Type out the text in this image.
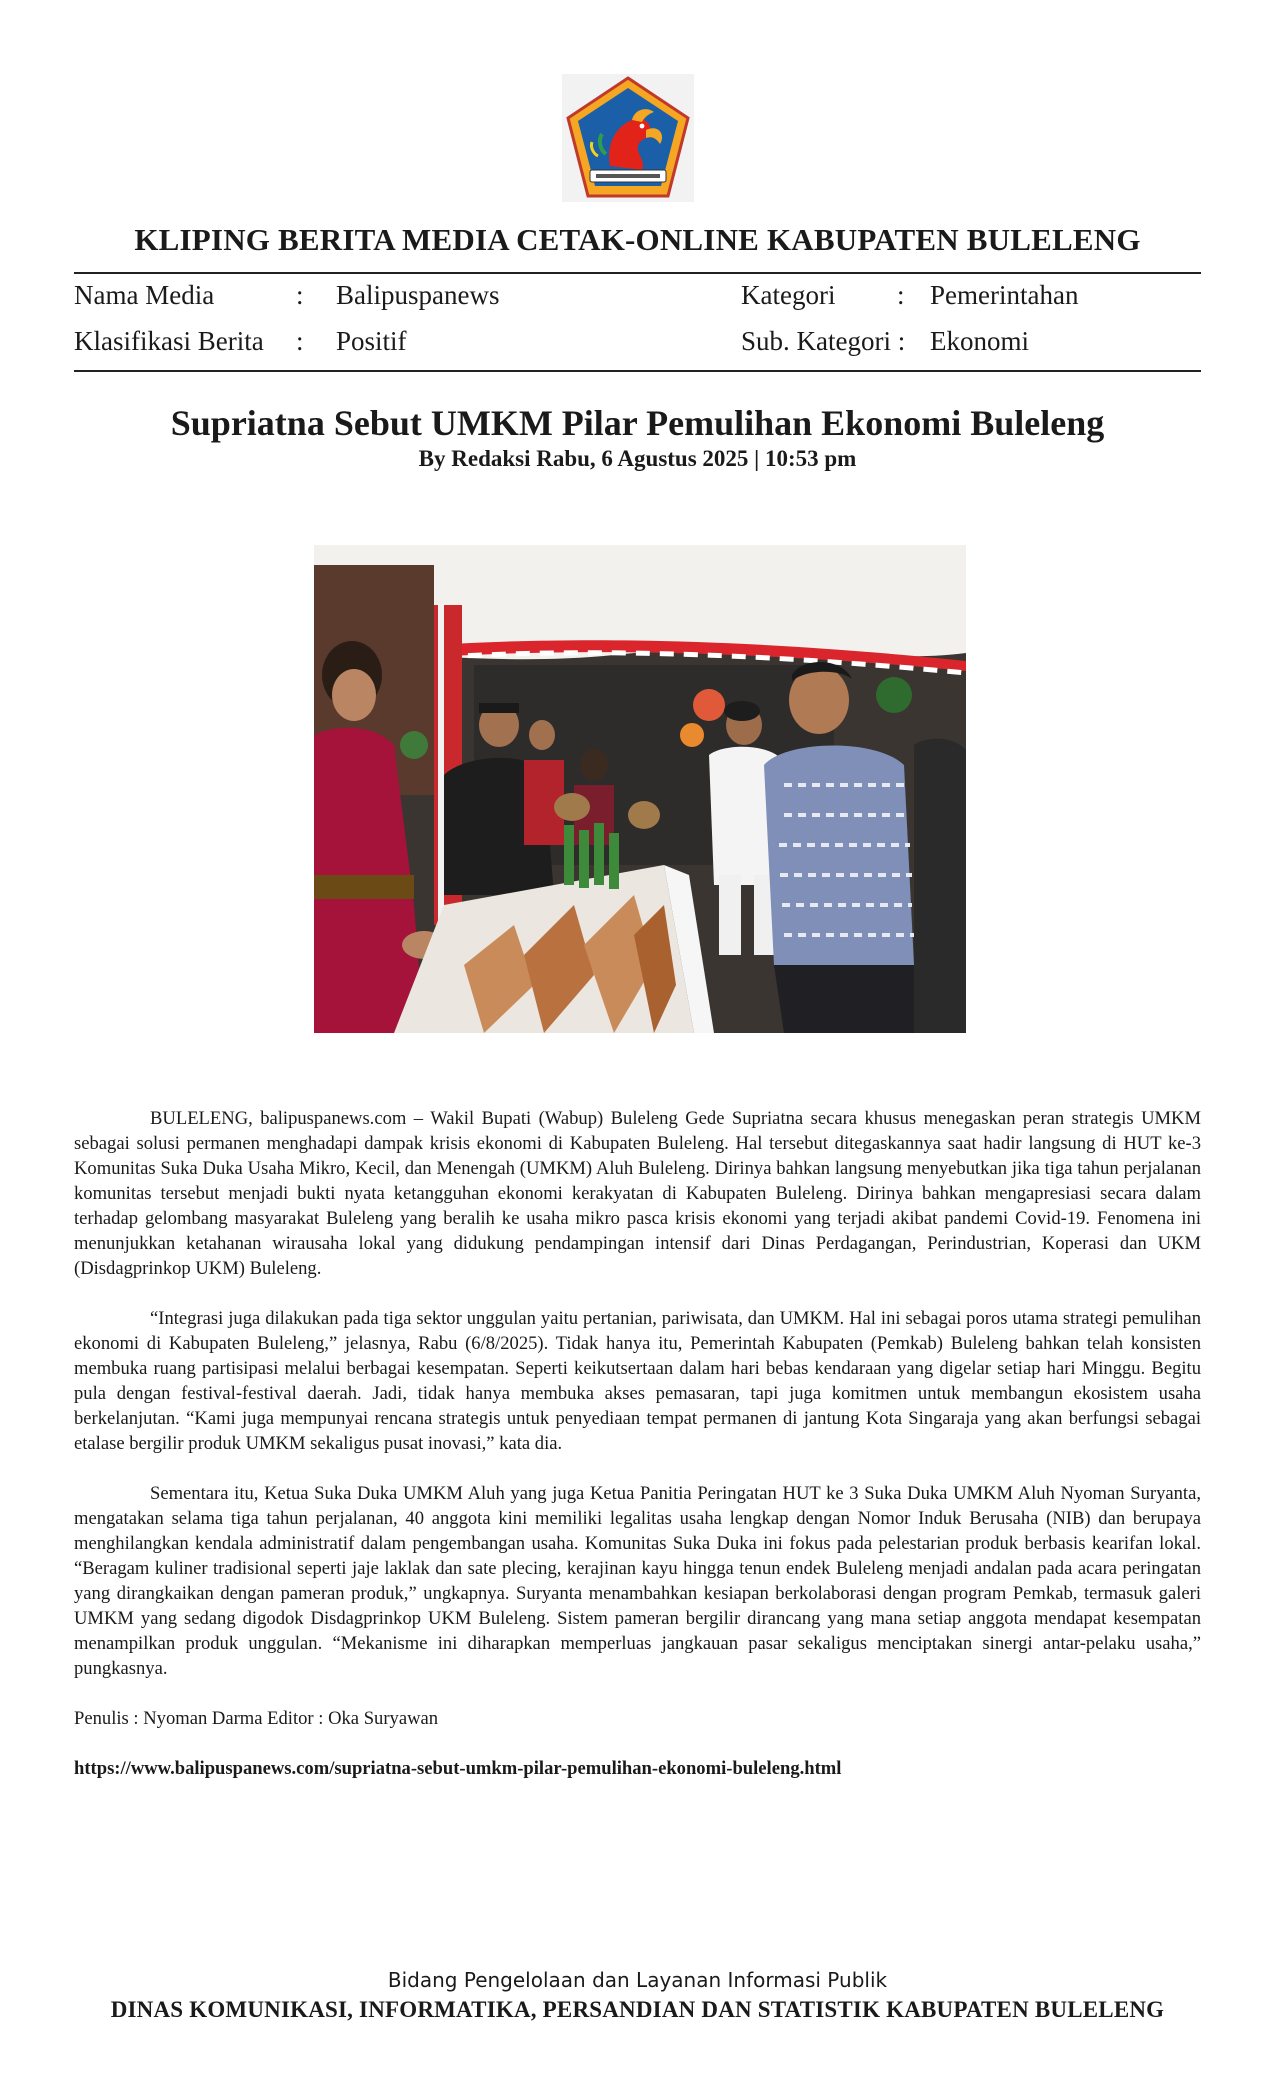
KLIPING BERITA MEDIA CETAK-ONLINE KABUPATEN BULELENG
Nama Media	: Balipuspanews	Kategori : Pemerintahan
Klasifikasi Berita : Positif	Sub. Kategori : Ekonomi
Supriatna Sebut UMKM Pilar Pemulihan Ekonomi Buleleng
By Redaksi Rabu, 6 Agustus 2025 | 10:53 pm

BULELENG, balipuspanews.com – Wakil Bupati (Wabup) Buleleng Gede Supriatna secara khusus menegaskan peran strategis UMKM sebagai solusi permanen menghadapi dampak krisis ekonomi di Kabupaten Buleleng. Hal tersebut ditegaskannya saat hadir langsung di HUT ke-3 Komunitas Suka Duka Usaha Mikro, Kecil, dan Menengah (UMKM) Aluh Buleleng. Dirinya bahkan langsung menyebutkan jika tiga tahun perjalanan komunitas tersebut menjadi bukti nyata ketangguhan ekonomi kerakyatan di Kabupaten Buleleng. Dirinya bahkan mengapresiasi secara dalam terhadap gelombang masyarakat Buleleng yang beralih ke usaha mikro pasca krisis ekonomi yang terjadi akibat pandemi Covid-19. Fenomena ini menunjukkan ketahanan wirausaha lokal yang didukung pendampingan intensif dari Dinas Perdagangan, Perindustrian, Koperasi dan UKM (Disdagprinkop UKM) Buleleng.

“Integrasi juga dilakukan pada tiga sektor unggulan yaitu pertanian, pariwisata, dan UMKM. Hal ini sebagai poros utama strategi pemulihan ekonomi di Kabupaten Buleleng,” jelasnya, Rabu (6/8/2025). Tidak hanya itu, Pemerintah Kabupaten (Pemkab) Buleleng bahkan telah konsisten membuka ruang partisipasi melalui berbagai kesempatan. Seperti keikutsertaan dalam hari bebas kendaraan yang digelar setiap hari Minggu. Begitu pula dengan festival-festival daerah. Jadi, tidak hanya membuka akses pemasaran, tapi juga komitmen untuk membangun ekosistem usaha berkelanjutan. “Kami juga mempunyai rencana strategis untuk penyediaan tempat permanen di jantung Kota Singaraja yang akan berfungsi sebagai etalase bergilir produk UMKM sekaligus pusat inovasi,” kata dia.

Sementara itu, Ketua Suka Duka UMKM Aluh yang juga Ketua Panitia Peringatan HUT ke 3 Suka Duka UMKM Aluh Nyoman Suryanta, mengatakan selama tiga tahun perjalanan, 40 anggota kini memiliki legalitas usaha lengkap dengan Nomor Induk Berusaha (NIB) dan berupaya menghilangkan kendala administratif dalam pengembangan usaha. Komunitas Suka Duka ini fokus pada pelestarian produk berbasis kearifan lokal. “Beragam kuliner tradisional seperti jaje laklak dan sate plecing, kerajinan kayu hingga tenun endek Buleleng menjadi andalan pada acara peringatan yang dirangkaikan dengan pameran produk,” ungkapnya. Suryanta menambahkan kesiapan berkolaborasi dengan program Pemkab, termasuk galeri UMKM yang sedang digodok Disdagprinkop UKM Buleleng. Sistem pameran bergilir dirancang yang mana setiap anggota mendapat kesempatan menampilkan produk unggulan. “Mekanisme ini diharapkan memperluas jangkauan pasar sekaligus menciptakan sinergi antar-pelaku usaha,” pungkasnya.

Penulis : Nyoman Darma Editor : Oka Suryawan

https://www.balipuspanews.com/supriatna-sebut-umkm-pilar-pemulihan-ekonomi-buleleng.html

Bidang Pengelolaan dan Layanan Informasi Publik
DINAS KOMUNIKASI, INFORMATIKA, PERSANDIAN DAN STATISTIK KABUPATEN BULELENG
